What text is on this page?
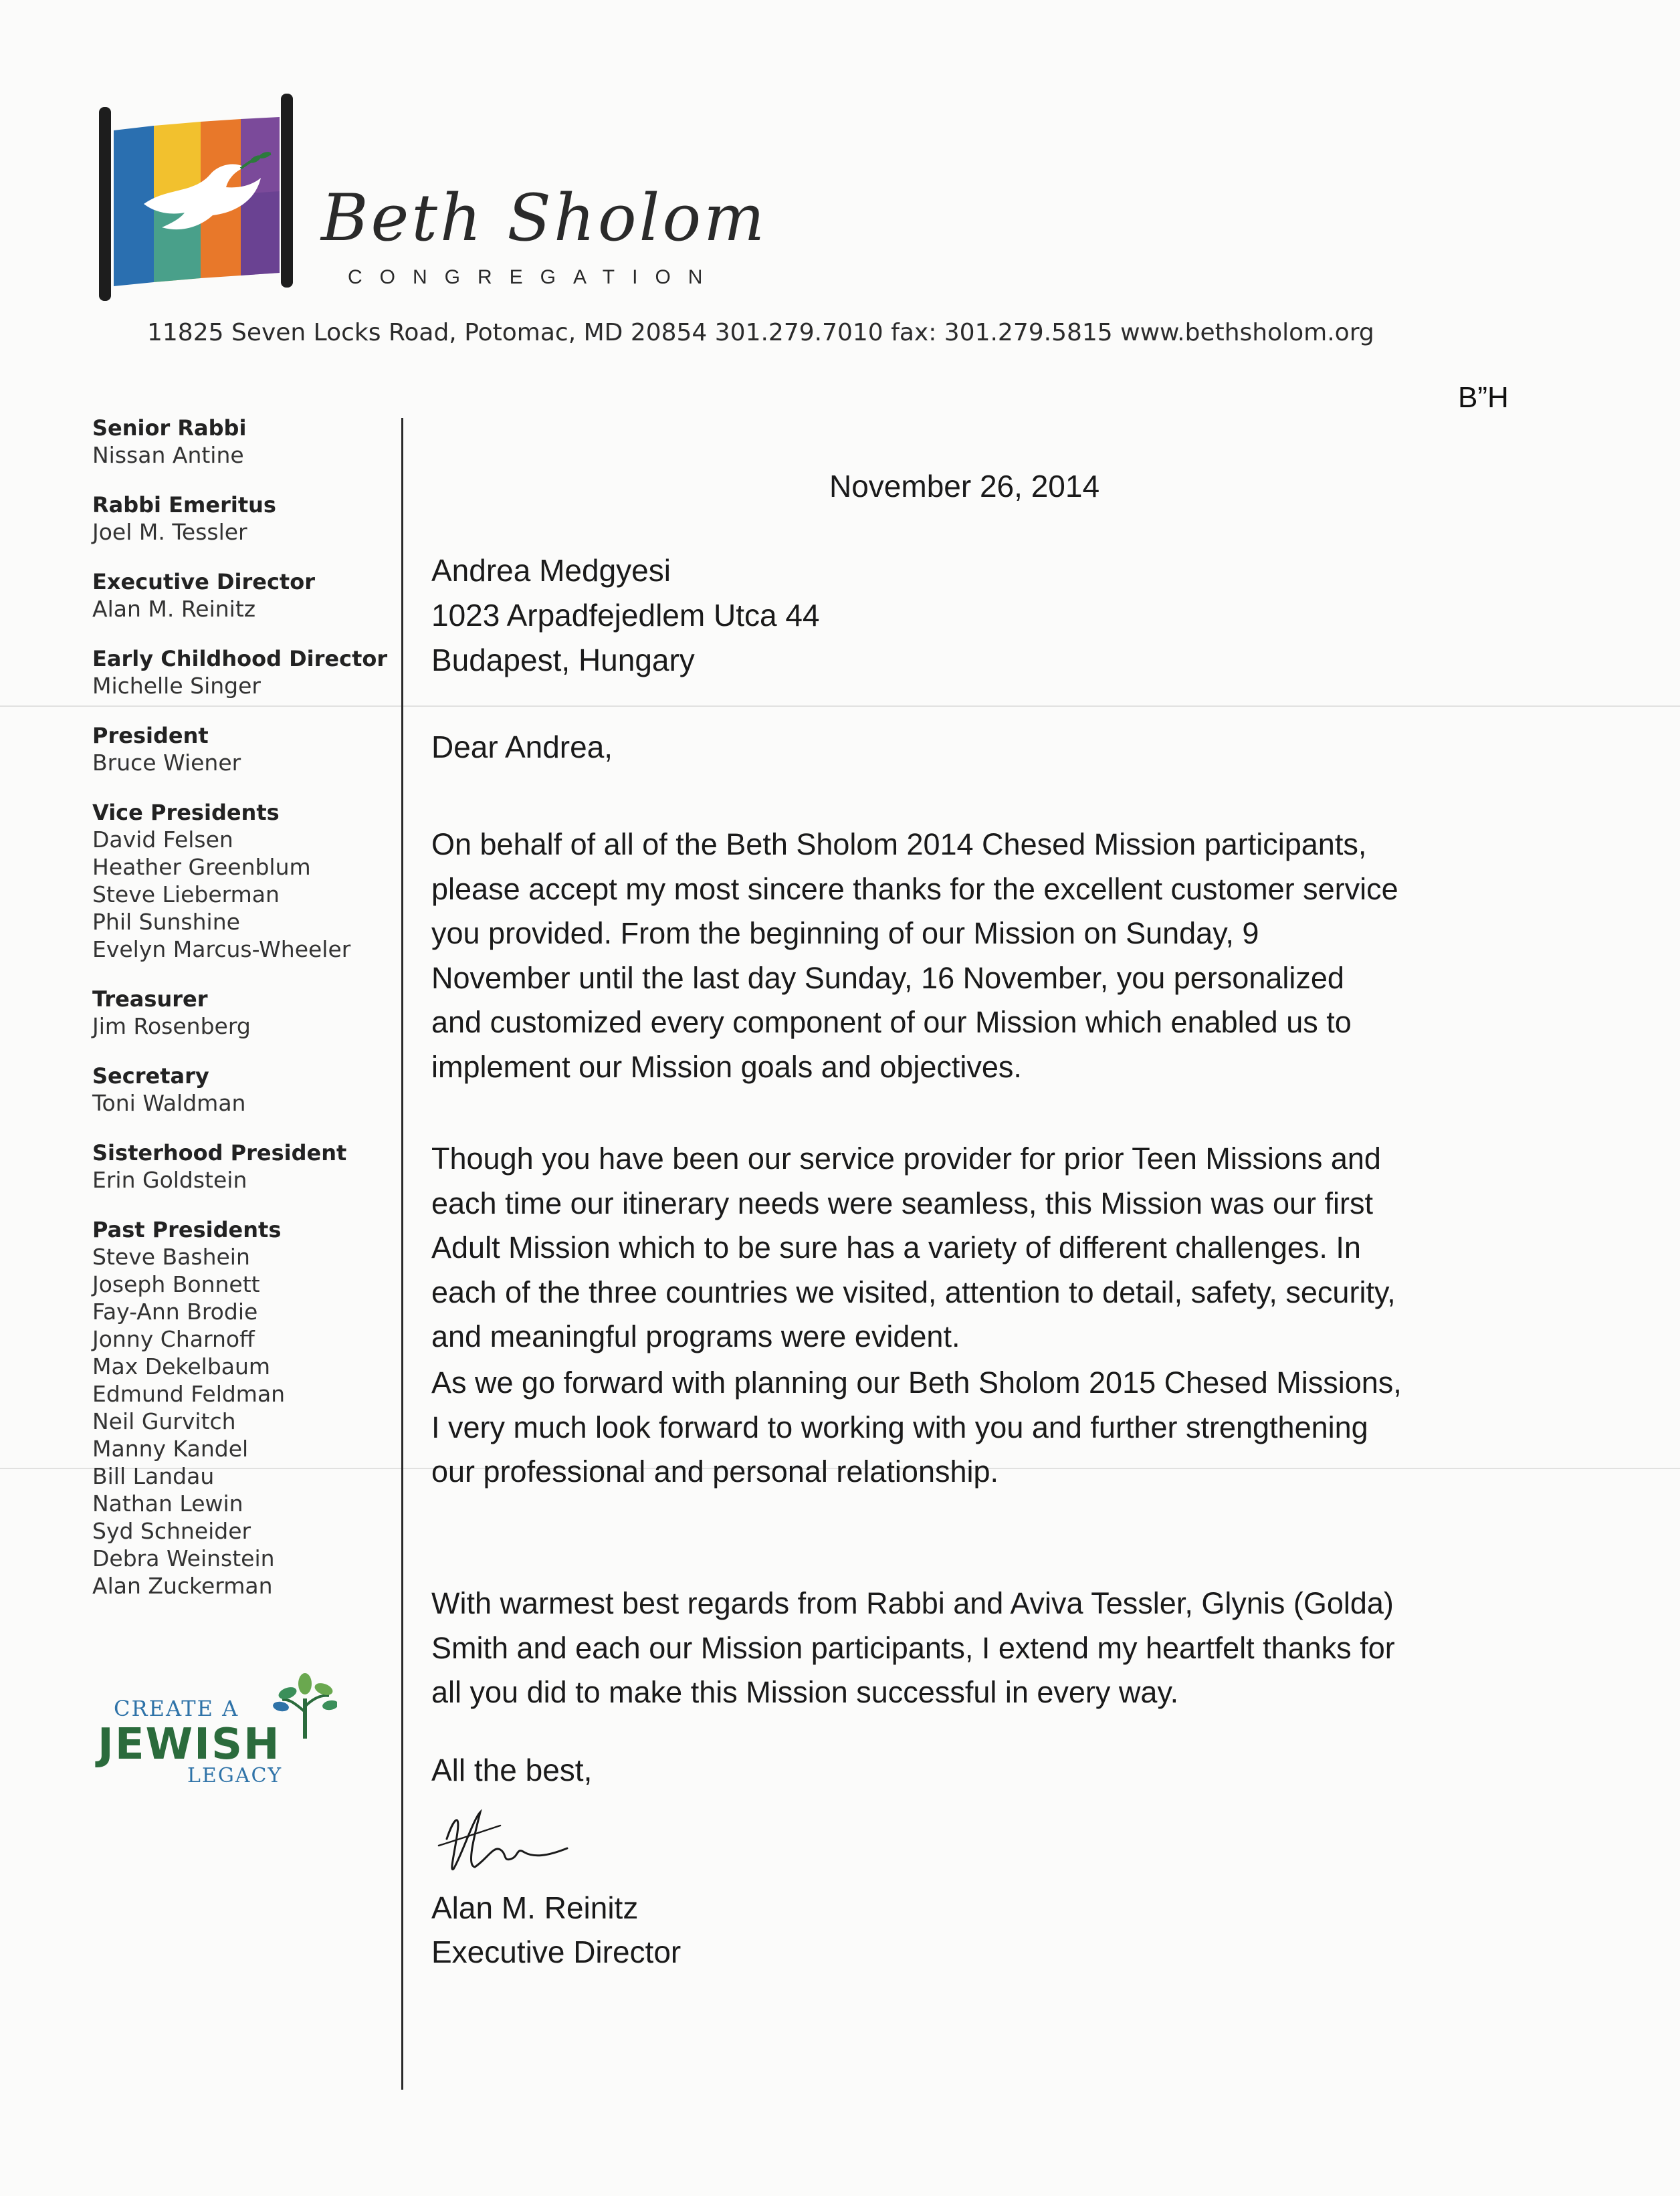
Beth Sholom
CONGREGATION
11825 Seven Locks Road, Potomac, MD 20854 301.279.7010 fax: 301.279.5815 www.bethsholom.org
B”H
Senior Rabbi
Nissan Antine
Rabbi Emeritus
Joel M. Tessler
Executive Director
Alan M. Reinitz
Early Childhood Director
Michelle Singer
President
Bruce Wiener
Vice Presidents
David Felsen
Heather Greenblum
Steve Lieberman
Phil Sunshine
Evelyn Marcus-Wheeler
Treasurer
Jim Rosenberg
Secretary
Toni Waldman
Sisterhood President
Erin Goldstein
Past Presidents
Steve Bashein
Joseph Bonnett
Fay-Ann Brodie
Jonny Charnoff
Max Dekelbaum
Edmund Feldman
Neil Gurvitch
Manny Kandel
Bill Landau
Nathan Lewin
Syd Schneider
Debra Weinstein
Alan Zuckerman
CREATE A
JEWISH
LEGACY
November 26, 2014
Andrea Medgyesi
1023 Arpadfejedlem Utca 44
Budapest, Hungary
Dear Andrea,
On behalf of all of the Beth Sholom 2014 Chesed Mission participants,
please accept my most sincere thanks for the excellent customer service
you provided. From the beginning of our Mission on Sunday, 9
November until the last day Sunday, 16 November, you personalized
and customized every component of our Mission which enabled us to
implement our Mission goals and objectives.
Though you have been our service provider for prior Teen Missions and
each time our itinerary needs were seamless, this Mission was our first
Adult Mission which to be sure has a variety of different challenges. In
each of the three countries we visited, attention to detail, safety, security,
and meaningful programs were evident.
As we go forward with planning our Beth Sholom 2015 Chesed Missions,
I very much look forward to working with you and further strengthening
our professional and personal relationship.
With warmest best regards from Rabbi and Aviva Tessler, Glynis (Golda)
Smith and each our Mission participants, I extend my heartfelt thanks for
all you did to make this Mission successful in every way.
All the best,
Alan M. Reinitz
Executive Director
